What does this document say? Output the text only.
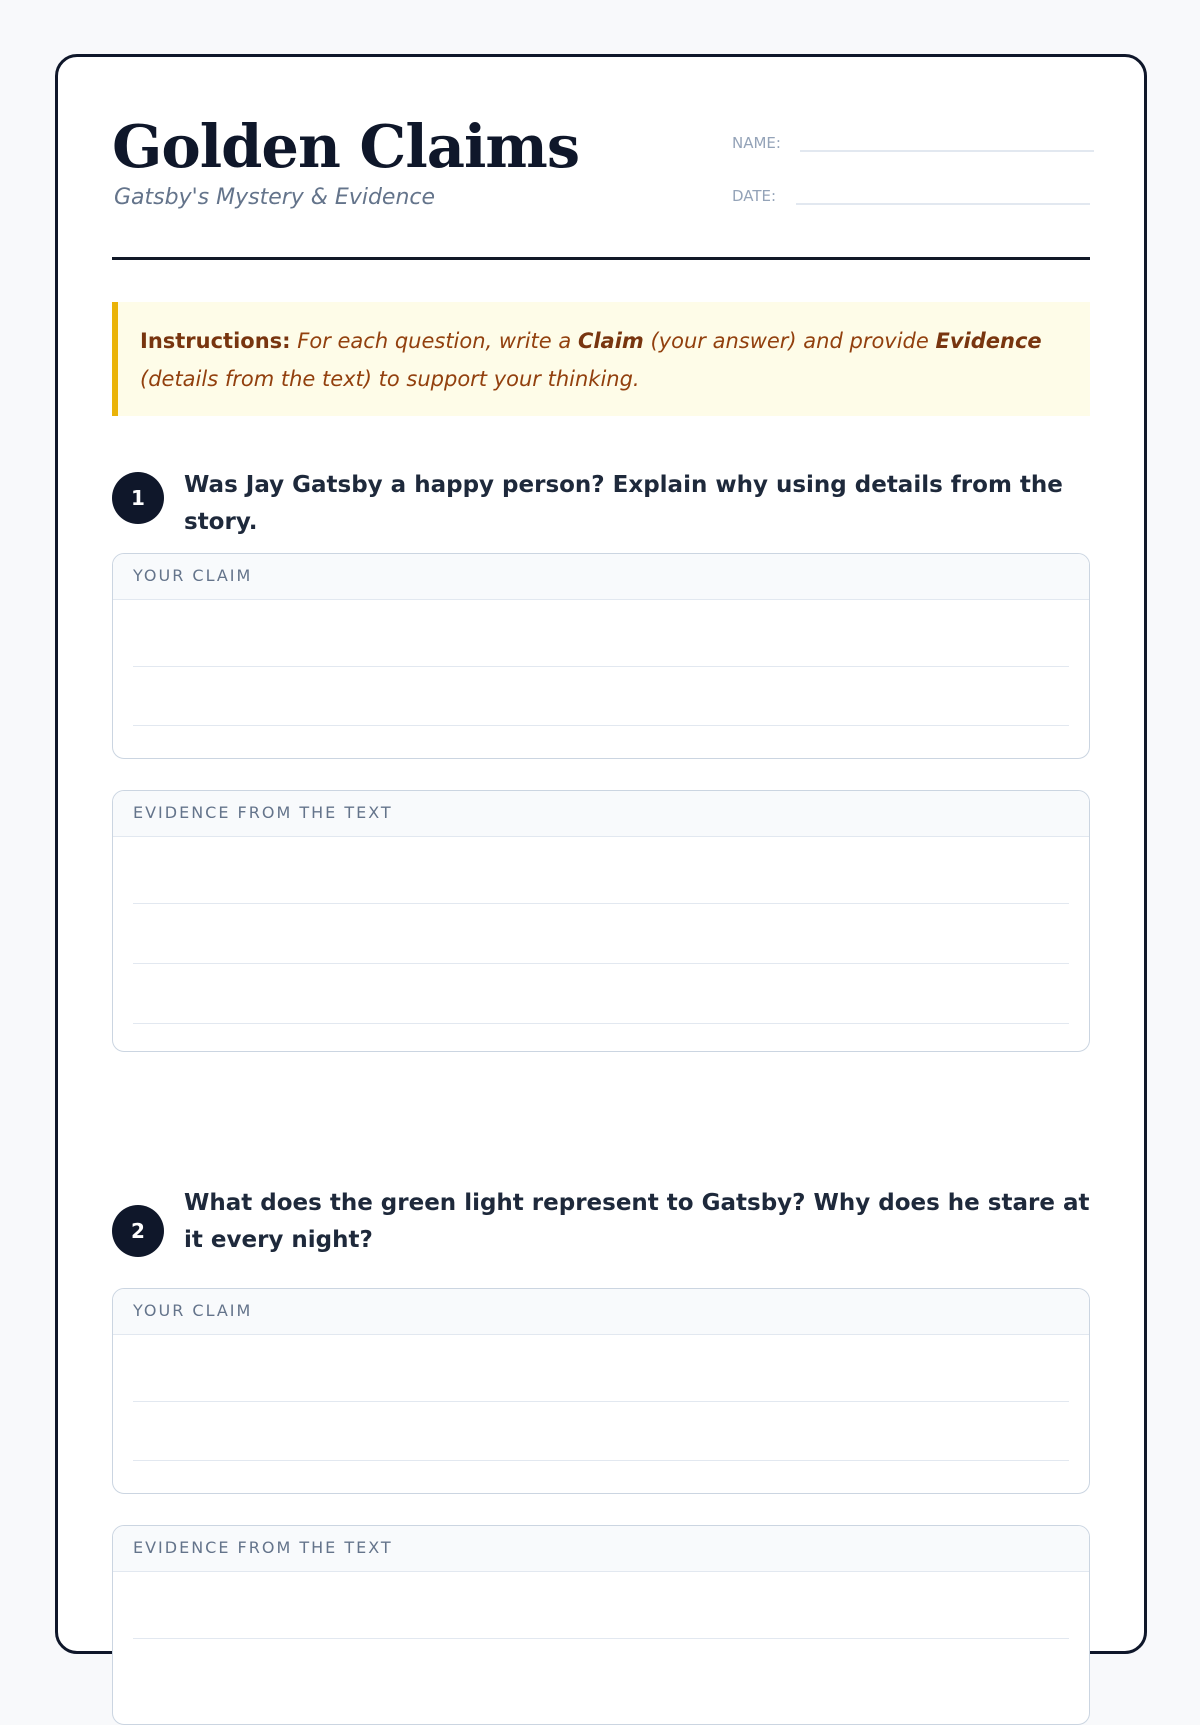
Golden Claims
Gatsby's Mystery & Evidence
NAME:
DATE:
Instructions: For each question, write a Claim (your answer) and provide Evidence (details from the text) to support your thinking.
1	Was Jay Gatsby a happy person? Explain why using details from the story.
YOUR CLAIM
EVIDENCE FROM THE TEXT
2
What does the green light represent to Gatsby? Why does he stare at it every night?
YOUR CLAIM
EVIDENCE FROM THE TEXT
